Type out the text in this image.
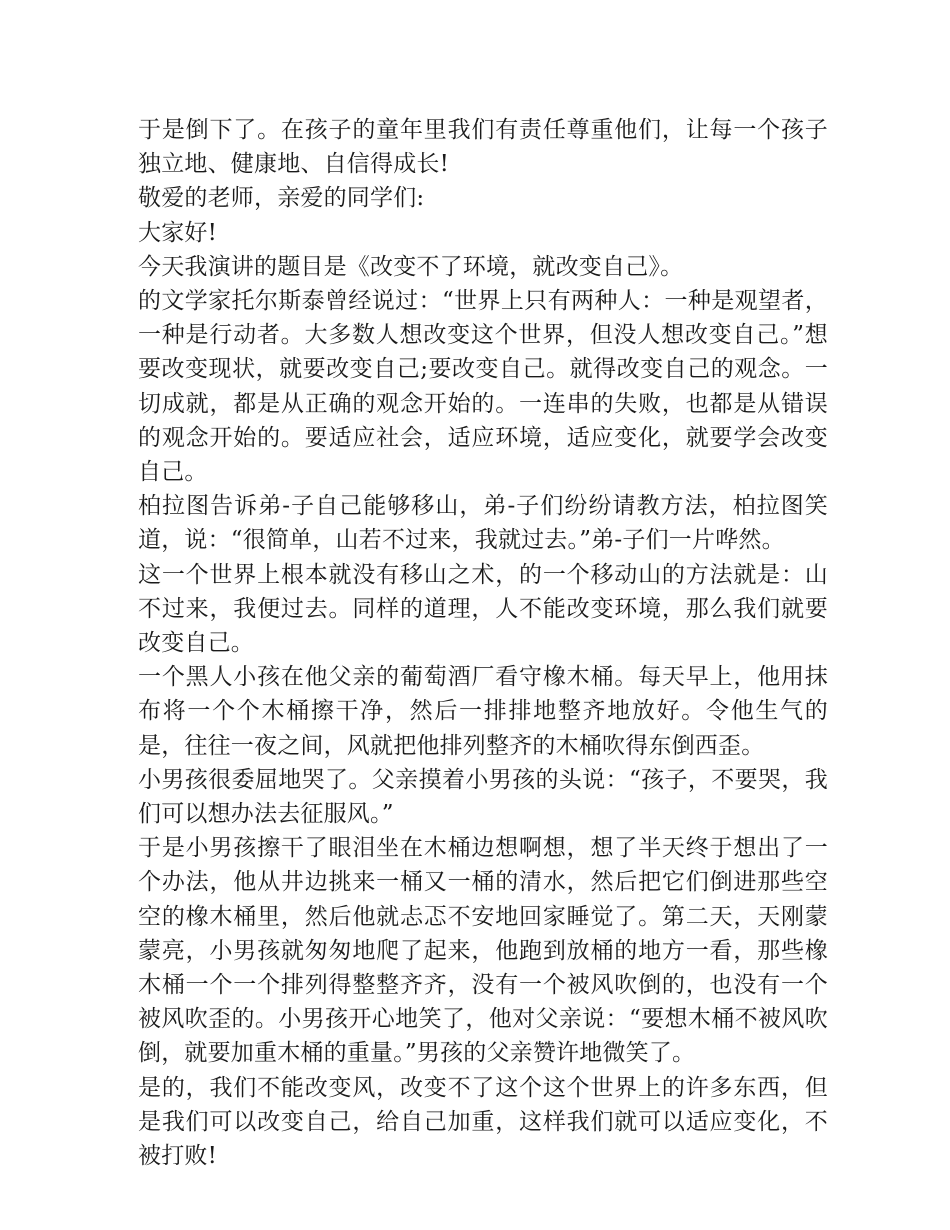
于是倒下了。在孩子的童年里我们有责任尊重他们，让每一个孩子独立地、健康地、自信得成长!

敬爱的老师，亲爱的同学们:

大家好!

今天我演讲的题目是《改变不了环境，就改变自己》。

的文学家托尔斯泰曾经说过：“世界上只有两种人：一种是观望者，一种是行动者。大多数人想改变这个世界，但没人想改变自己。”想要改变现状，就要改变自己;要改变自己。就得改变自己的观念。一切成就，都是从正确的观念开始的。一连串的失败，也都是从错误的观念开始的。要适应社会，适应环境，适应变化，就要学会改变自己。

柏拉图告诉弟-子自己能够移山，弟-子们纷纷请教方法，柏拉图笑道，说：“很简单，山若不过来，我就过去。”弟-子们一片哗然。

这一个世界上根本就没有移山之术，的一个移动山的方法就是：山不过来，我便过去。同样的道理，人不能改变环境，那么我们就要改变自己。

一个黑人小孩在他父亲的葡萄酒厂看守橡木桶。每天早上，他用抹布将一个个木桶擦干净，然后一排排地整齐地放好。令他生气的是，往往一夜之间，风就把他排列整齐的木桶吹得东倒西歪。

小男孩很委屈地哭了。父亲摸着小男孩的头说：“孩子，不要哭，我们可以想办法去征服风。”

于是小男孩擦干了眼泪坐在木桶边想啊想，想了半天终于想出了一个办法，他从井边挑来一桶又一桶的清水，然后把它们倒进那些空空的橡木桶里，然后他就忐忑不安地回家睡觉了。第二天，天刚蒙蒙亮，小男孩就匆匆地爬了起来，他跑到放桶的地方一看，那些橡木桶一个一个排列得整整齐齐，没有一个被风吹倒的，也没有一个被风吹歪的。小男孩开心地笑了，他对父亲说：“要想木桶不被风吹倒，就要加重木桶的重量。”男孩的父亲赞许地微笑了。

是的，我们不能改变风，改变不了这个这个世界上的许多东西，但是我们可以改变自己，给自己加重，这样我们就可以适应变化，不被打败!
